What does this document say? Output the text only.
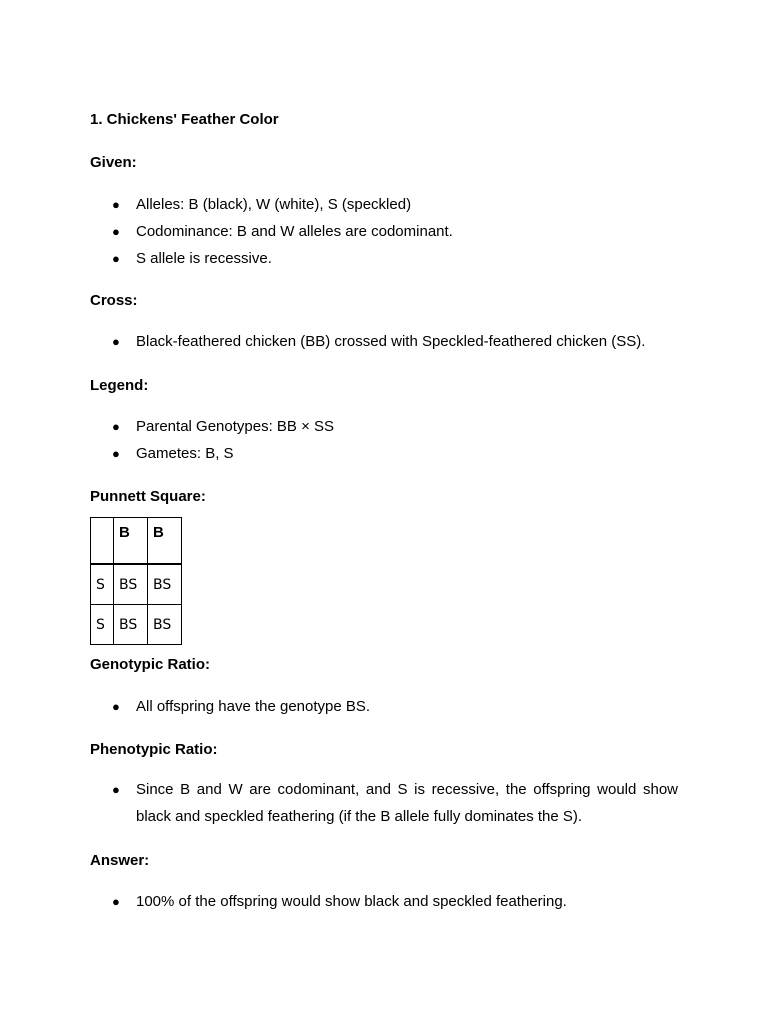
1. Chickens' Feather Color
Given:
● Alleles: B (black), W (white), S (speckled)
● Codominance: B and W alleles are codominant.
● S allele is recessive.
Cross:
● Black-feathered chicken (BB) crossed with Speckled-feathered chicken (SS).
Legend:
● Parental Genotypes: BB × SS
● Gametes: B, S
Punnett Square:
	B	B
S	BS	BS
S	BS	BS
Genotypic Ratio:
● All offspring have the genotype BS.
Phenotypic Ratio:
● Since B and W are codominant, and S is recessive, the offspring would show black and speckled feathering (if the B allele fully dominates the S).
Answer:
● 100% of the offspring would show black and speckled feathering.
